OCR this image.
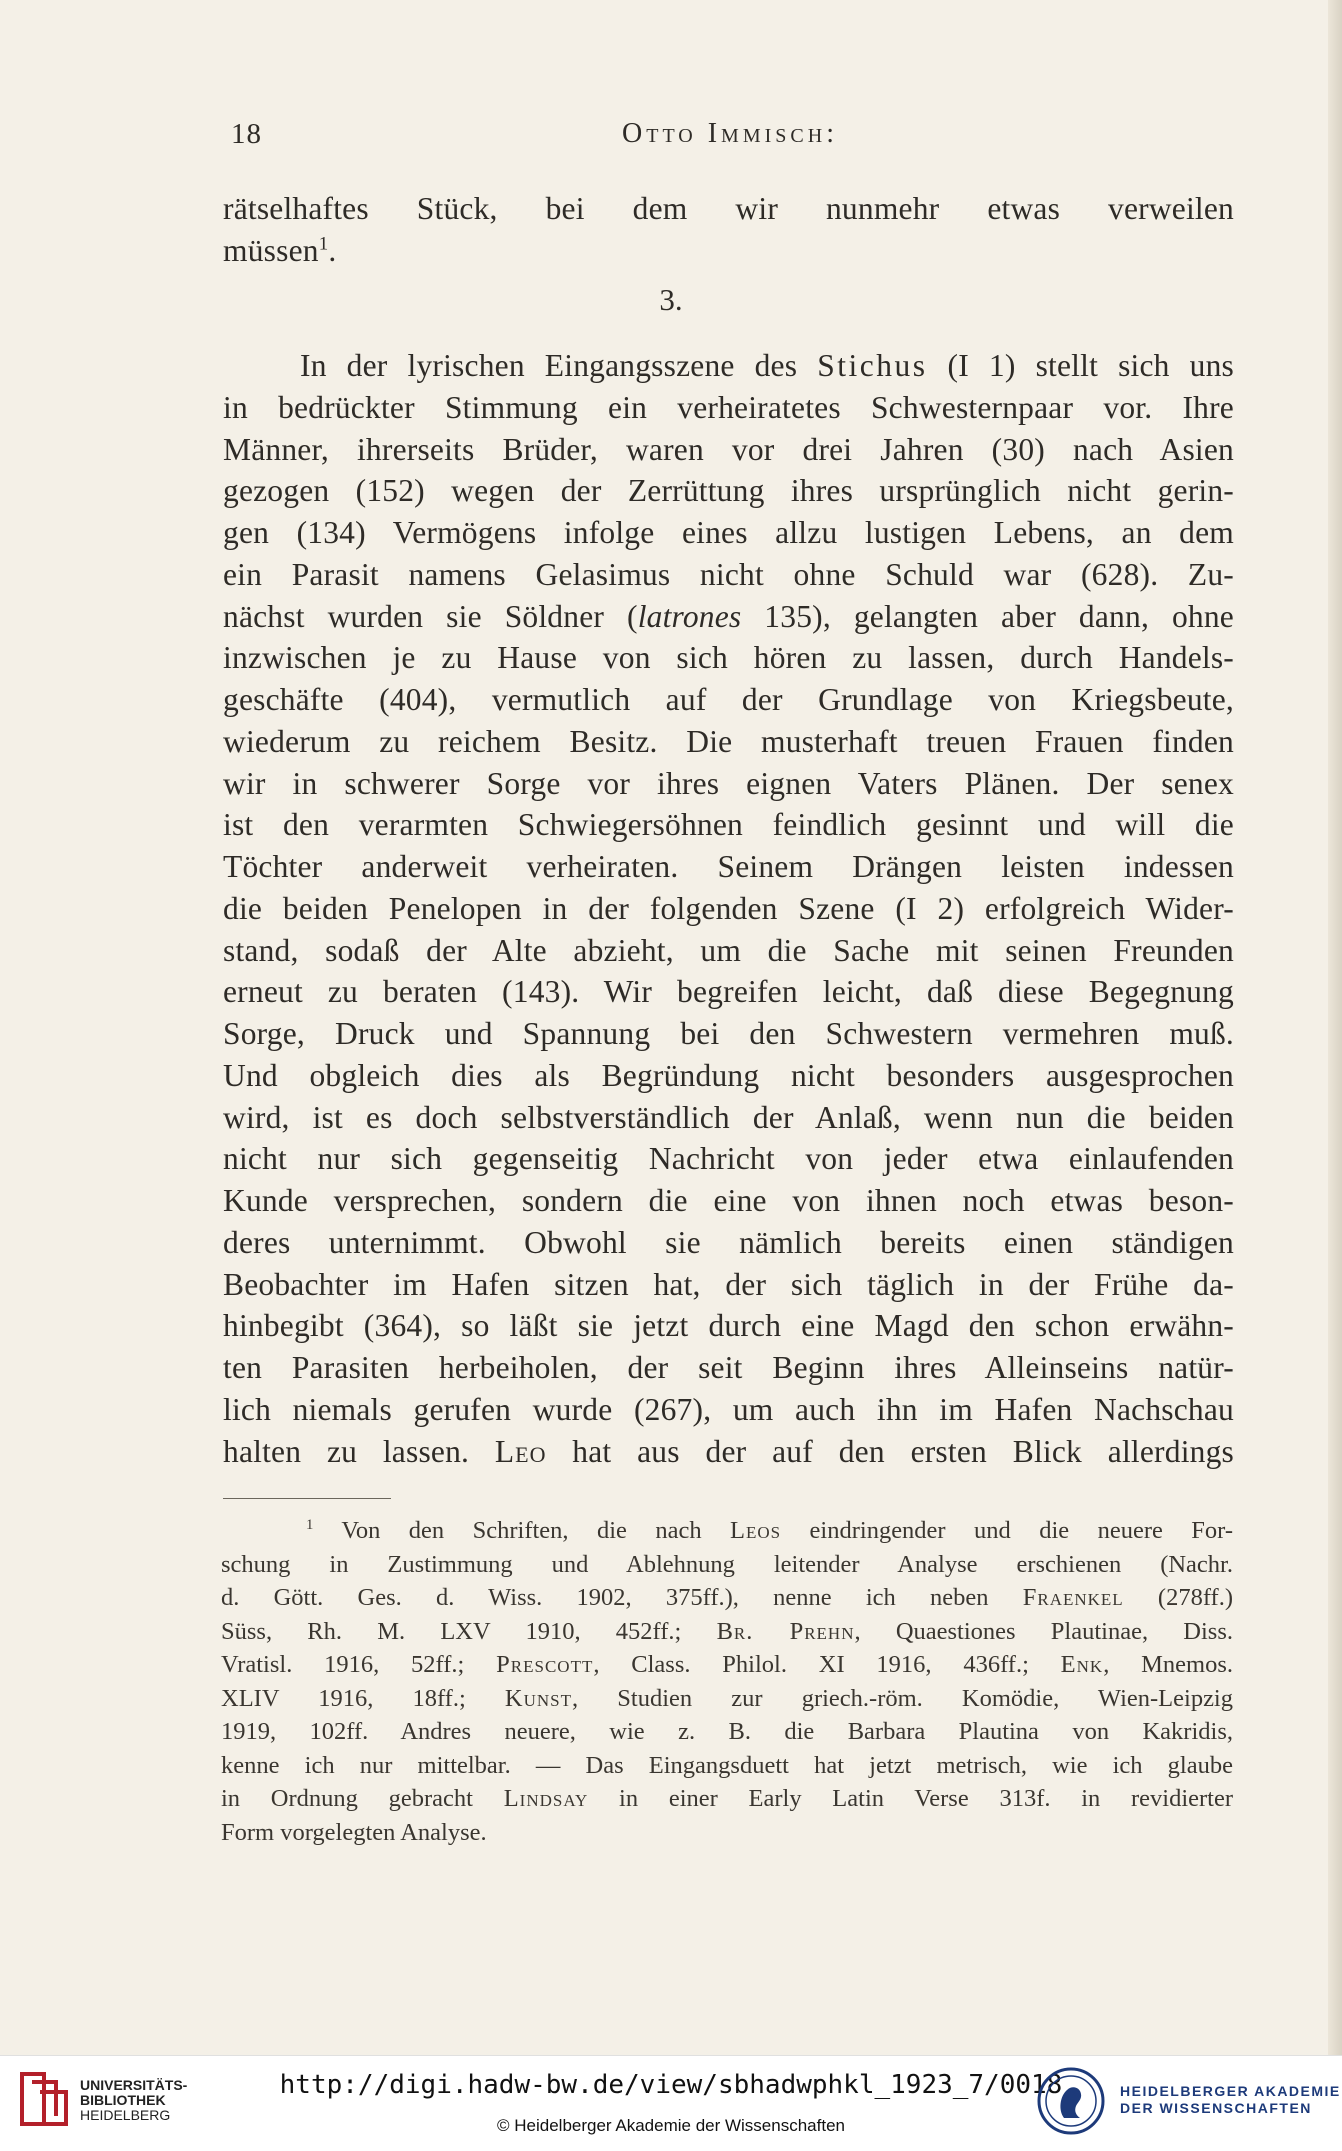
18	Otto Immisch:
rätselhaftes Stück, bei dem wir nunmehr etwas verweilen
müssen$^1$.
3.
In der lyrischen Eingangsszene des Stichus (I 1) stellt sich uns
in bedrückter Stimmung ein verheiratetes Schwesternpaar vor. Ihre
Männer, ihrerseits Brüder, waren vor drei Jahren (30) nach Asien
gezogen (152) wegen der Zerrüttung ihres ursprünglich nicht gerin-
gen (134) Vermögens infolge eines allzu lustigen Lebens, an dem
ein Parasit namens Gelasimus nicht ohne Schuld war (628). Zu-
nächst wurden sie Söldner (latrones 135), gelangten aber dann, ohne
inzwischen je zu Hause von sich hören zu lassen, durch Handels-
geschäfte (404), vermutlich auf der Grundlage von Kriegsbeute,
wiederum zu reichem Besitz. Die musterhaft treuen Frauen finden
wir in schwerer Sorge vor ihres eignen Vaters Plänen. Der senex
ist den verarmten Schwiegersöhnen feindlich gesinnt und will die
Töchter anderweit verheiraten. Seinem Drängen leisten indessen
die beiden Penelopen in der folgenden Szene (I 2) erfolgreich Wider-
stand, sodaß der Alte abzieht, um die Sache mit seinen Freunden
erneut zu beraten (143). Wir begreifen leicht, daß diese Begegnung
Sorge, Druck und Spannung bei den Schwestern vermehren muß.
Und obgleich dies als Begründung nicht besonders ausgesprochen
wird, ist es doch selbstverständlich der Anlaß, wenn nun die beiden
nicht nur sich gegenseitig Nachricht von jeder etwa einlaufenden
Kunde versprechen, sondern die eine von ihnen noch etwas beson-
deres unternimmt. Obwohl sie nämlich bereits einen ständigen
Beobachter im Hafen sitzen hat, der sich täglich in der Frühe da-
hinbegibt (364), so läßt sie jetzt durch eine Magd den schon erwähn-
ten Parasiten herbeiholen, der seit Beginn ihres Alleinseins natür-
lich niemals gerufen wurde (267), um auch ihn im Hafen Nachschau
halten zu lassen. Leo hat aus der auf den ersten Blick allerdings
$^1$ Von den Schriften, die nach Leos eindringender und die neuere For-
schung in Zustimmung und Ablehnung leitender Analyse erschienen (Nachr.
d. Gött. Ges. d. Wiss. 1902, 375ff.), nenne ich neben Fraenkel (278ff.)
Süss, Rh. M. LXV 1910, 452ff.; Br. Prehn, Quaestiones Plautinae, Diss.
Vratisl. 1916, 52ff.; Prescott, Class. Philol. XI 1916, 436ff.; Enk, Mnemos.
XLIV 1916, 18ff.; Kunst, Studien zur griech.-röm. Komödie, Wien-Leipzig
1919, 102ff. Andres neuere, wie z. B. die Barbara Plautina von Kakridis,
kenne ich nur mittelbar. — Das Eingangsduett hat jetzt metrisch, wie ich glaube
in Ordnung gebracht Lindsay in einer Early Latin Verse 313f. in revidierter
Form vorgelegten Analyse.
UNIVERSITÄTS-
BIBLIOTHEK
HEIDELBERG
http://digi.hadw-bw.de/view/sbhadwphkl_1923_7/0018
© Heidelberger Akademie der Wissenschaften
HEIDELBERGER AKADEMIE
DER WISSENSCHAFTEN
